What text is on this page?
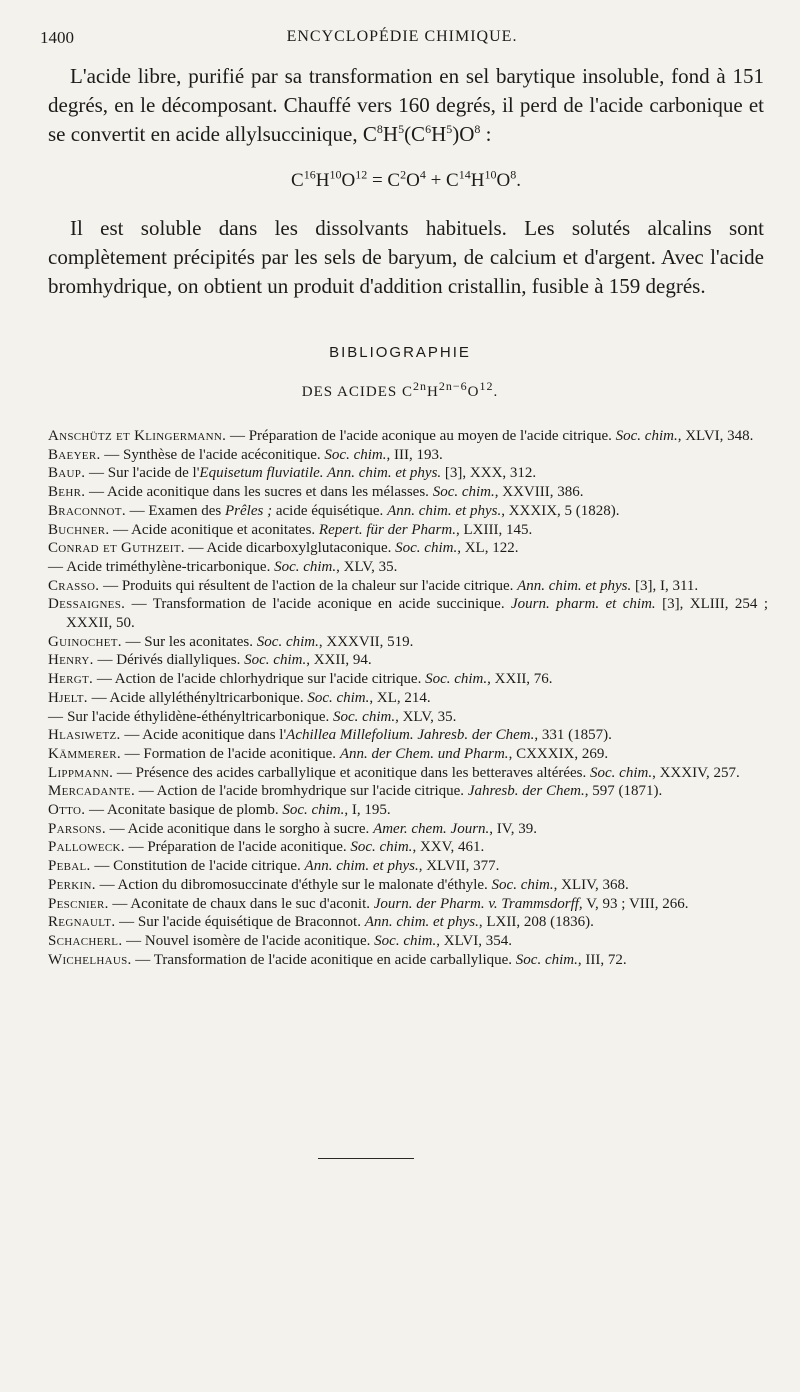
1400	ENCYCLOPÉDIE CHIMIQUE.

L'acide libre, purifié par sa transformation en sel barytique insoluble, fond à 151 degrés, en le décomposant. Chauffé vers 160 degrés, il perd de l'acide carbonique et se convertit en acide allylsuccinique, $C^8H^5(C^6H^5)O^8$ :

$C^{16}H^{10}O^{12} = C^2O^4 + C^{14}H^{10}O^8$.

Il est soluble dans les dissolvants habituels. Les solutés alcalins sont complètement précipités par les sels de baryum, de calcium et d'argent. Avec l'acide bromhydrique, on obtient un produit d'addition cristallin, fusible à 159 degrés.

BIBLIOGRAPHIE
DES ACIDES $C^{2n}H^{2n-6}O^{12}$.

Anschütz et Klingermann. — Préparation de l'acide aconique au moyen de l'acide citrique. Soc. chim., XLVI, 348.

Baeyer. — Synthèse de l'acide acéconitique. Soc. chim., III, 193.

Baup. — Sur l'acide de l'Equisetum fluviatile. Ann. chim. et phys. [3], XXX, 312.

Behr. — Acide aconitique dans les sucres et dans les mélasses. Soc. chim., XXVIII, 386.

Braconnot. — Examen des Prêles ; acide équisétique. Ann. chim. et phys., XXXIX, 5 (1828).

Buchner. — Acide aconitique et aconitates. Repert. für der Pharm., LXIII, 145.

Conrad et Guthzeit. — Acide dicarboxylglutaconique. Soc. chim., XL, 122.

— Acide triméthylène-tricarbonique. Soc. chim., XLV, 35.

Crasso. — Produits qui résultent de l'action de la chaleur sur l'acide citrique. Ann. chim. et phys. [3], I, 311.

Dessaignes. — Transformation de l'acide aconique en acide succinique. Journ. pharm. et chim. [3], XLIII, 254 ; XXXII, 50.

Guinochet. — Sur les aconitates. Soc. chim., XXXVII, 519.

Henry. — Dérivés diallyliques. Soc. chim., XXII, 94.

Hergt. — Action de l'acide chlorhydrique sur l'acide citrique. Soc. chim., XXII, 76.

Hjelt. — Acide allyléthényltricarbonique. Soc. chim., XL, 214.

— Sur l'acide éthylidène-éthényltricarbonique. Soc. chim., XLV, 35.

Hlasiwetz. — Acide aconitique dans l'Achillea Millefolium. Jahresb. der Chem., 331 (1857).

Kämmerer. — Formation de l'acide aconitique. Ann. der Chem. und Pharm., CXXXIX, 269.

Lippmann. — Présence des acides carballylique et aconitique dans les betteraves altérées. Soc. chim., XXXIV, 257.

Mercadante. — Action de l'acide bromhydrique sur l'acide citrique. Jahresb. der Chem., 597 (1871).

Otto. — Aconitate basique de plomb. Soc. chim., I, 195.

Parsons. — Acide aconitique dans le sorgho à sucre. Amer. chem. Journ., IV, 39.

Palloweck. — Préparation de l'acide aconitique. Soc. chim., XXV, 461.

Pebal. — Constitution de l'acide citrique. Ann. chim. et phys., XLVII, 377.

Perkin. — Action du dibromosuccinate d'éthyle sur le malonate d'éthyle. Soc. chim., XLIV, 368.

Pescnier. — Aconitate de chaux dans le suc d'aconit. Journ. der Pharm. v. Trammsdorff, V, 93 ; VIII, 266.

Regnault. — Sur l'acide équisétique de Braconnot. Ann. chim. et phys., LXII, 208 (1836).

Schacherl. — Nouvel isomère de l'acide aconitique. Soc. chim., XLVI, 354.

Wichelhaus. — Transformation de l'acide aconitique en acide carballylique. Soc. chim., III, 72.
